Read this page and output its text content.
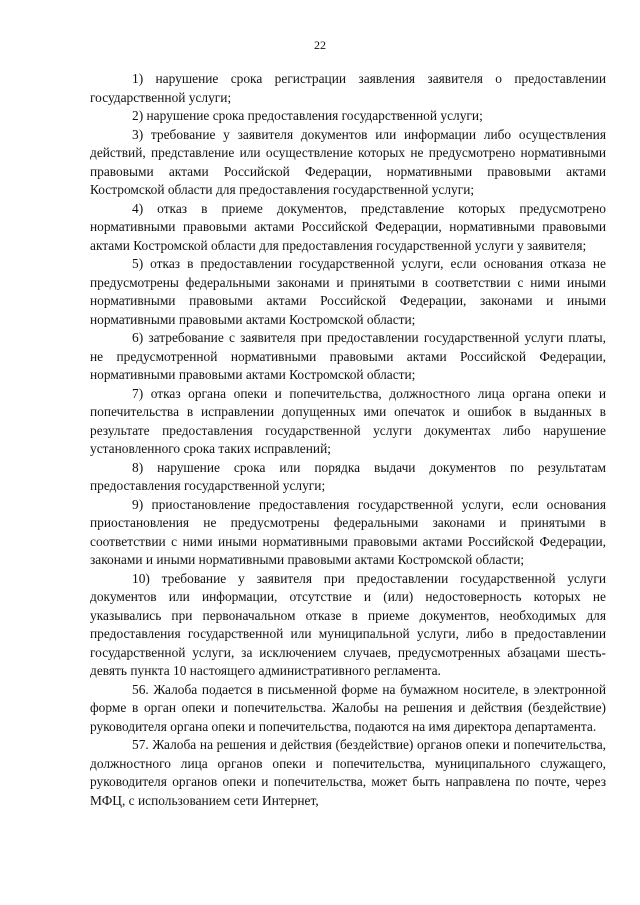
22

1) нарушение срока регистрации заявления заявителя о предоставлении государственной услуги;

2) нарушение срока предоставления государственной услуги;

3) требование у заявителя документов или информации либо осуществления действий, представление или осуществление которых не предусмотрено нормативными правовыми актами Российской Федерации, нормативными правовыми актами Костромской области для предоставления государственной услуги;

4) отказ в приеме документов, представление которых предусмотрено нормативными правовыми актами Российской Федерации, нормативными правовыми актами Костромской области для предоставления государственной услуги у заявителя;

5) отказ в предоставлении государственной услуги, если основания отказа не предусмотрены федеральными законами и принятыми в соответствии с ними иными нормативными правовыми актами Российской Федерации, законами и иными нормативными правовыми актами Костромской области;

6) затребование с заявителя при предоставлении государственной услуги платы, не предусмотренной нормативными правовыми актами Российской Федерации, нормативными правовыми актами Костромской области;

7) отказ органа опеки и попечительства, должностного лица органа опеки и попечительства в исправлении допущенных ими опечаток и ошибок в выданных в результате предоставления государственной услуги документах либо нарушение установленного срока таких исправлений;

8) нарушение срока или порядка выдачи документов по результатам предоставления государственной услуги;

9) приостановление предоставления государственной услуги, если основания приостановления не предусмотрены федеральными законами и принятыми в соответствии с ними иными нормативными правовыми актами Российской Федерации, законами и иными нормативными правовыми актами Костромской области;

10) требование у заявителя при предоставлении государственной услуги документов или информации, отсутствие и (или) недостоверность которых не указывались при первоначальном отказе в приеме документов, необходимых для предоставления государственной или муниципальной услуги, либо в предоставлении государственной услуги, за исключением случаев, предусмотренных абзацами шесть-девять пункта 10 настоящего административного регламента.

56. Жалоба подается в письменной форме на бумажном носителе, в электронной форме в орган опеки и попечительства. Жалобы на решения и действия (бездействие) руководителя органа опеки и попечительства, подаются на имя директора департамента.

57. Жалоба на решения и действия (бездействие) органов опеки и попечительства, должностного лица органов опеки и попечительства, муниципального служащего, руководителя органов опеки и попечительства, может быть направлена по почте, через МФЦ, с использованием сети Интернет,
